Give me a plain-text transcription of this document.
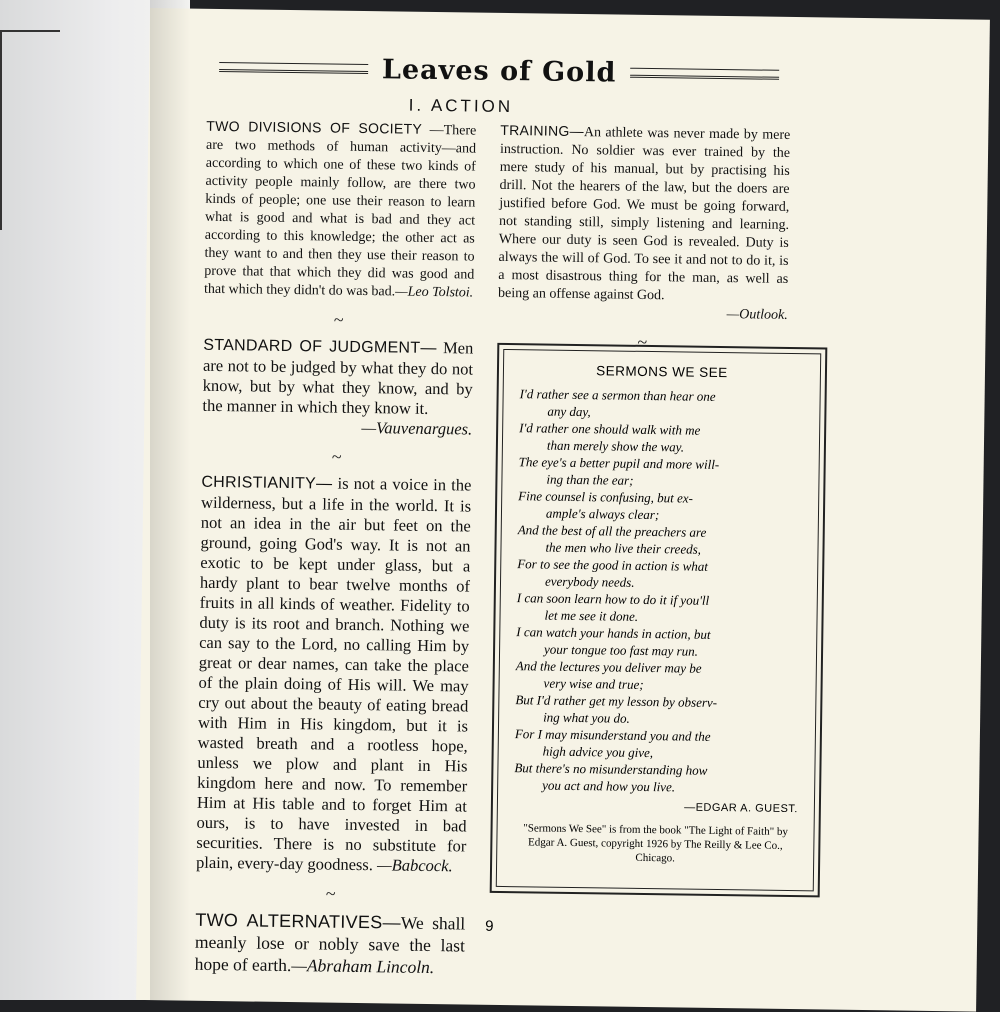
Leaves of Gold
I. ACTION

TWO DIVISIONS OF SOCIETY —There are two methods of human activity—and according to which one of these two kinds of activity people mainly follow, are there two kinds of people; one use their reason to learn what is good and what is bad and they act according to this knowledge; the other act as they want to and then they use their reason to prove that that which they did was good and that which they didn't do was bad.—Leo Tolstoi.

~

STANDARD OF JUDGMENT— Men are not to be judged by what they do not know, but by what they know, and by the manner in which they know it.
—Vauvenargues.

~

CHRISTIANITY— is not a voice in the wilderness, but a life in the world. It is not an idea in the air but feet on the ground, going God's way. It is not an exotic to be kept under glass, but a hardy plant to bear twelve months of fruits in all kinds of weather. Fidelity to duty is its root and branch. Nothing we can say to the Lord, no calling Him by great or dear names, can take the place of the plain doing of His will. We may cry out about the beauty of eating bread with Him in His kingdom, but it is wasted breath and a rootless hope, unless we plow and plant in His kingdom here and now. To remember Him at His table and to forget Him at ours, is to have invested in bad securities. There is no substitute for plain, every-day goodness. —Babcock.

~

TWO ALTERNATIVES—We shall meanly lose or nobly save the last hope of earth.—Abraham Lincoln.

TRAINING—An athlete was never made by mere instruction. No soldier was ever trained by the mere study of his manual, but by practising his drill. Not the hearers of the law, but the doers are justified before God. We must be going forward, not standing still, simply listening and learning. Where our duty is seen God is revealed. Duty is always the will of God. To see it and not to do it, is a most disastrous thing for the man, as well as being an offense against God.
—Outlook.

~
SERMONS WE SEE
I'd rather see a sermon than hear one
any day,
I'd rather one should walk with me
than merely show the way.
The eye's a better pupil and more will-
ing than the ear;
Fine counsel is confusing, but ex-
ample's always clear;
And the best of all the preachers are
the men who live their creeds,
For to see the good in action is what
everybody needs.
I can soon learn how to do it if you'll
let me see it done.
I can watch your hands in action, but
your tongue too fast may run.
And the lectures you deliver may be
very wise and true;
But I'd rather get my lesson by observ-
ing what you do.
For I may misunderstand you and the
high advice you give,
But there's no misunderstanding how
you act and how you live.
—EDGAR A. GUEST.
"Sermons We See" is from the book "The Light of Faith" by Edgar A. Guest, copyright 1926 by The Reilly & Lee Co., Chicago.
9
